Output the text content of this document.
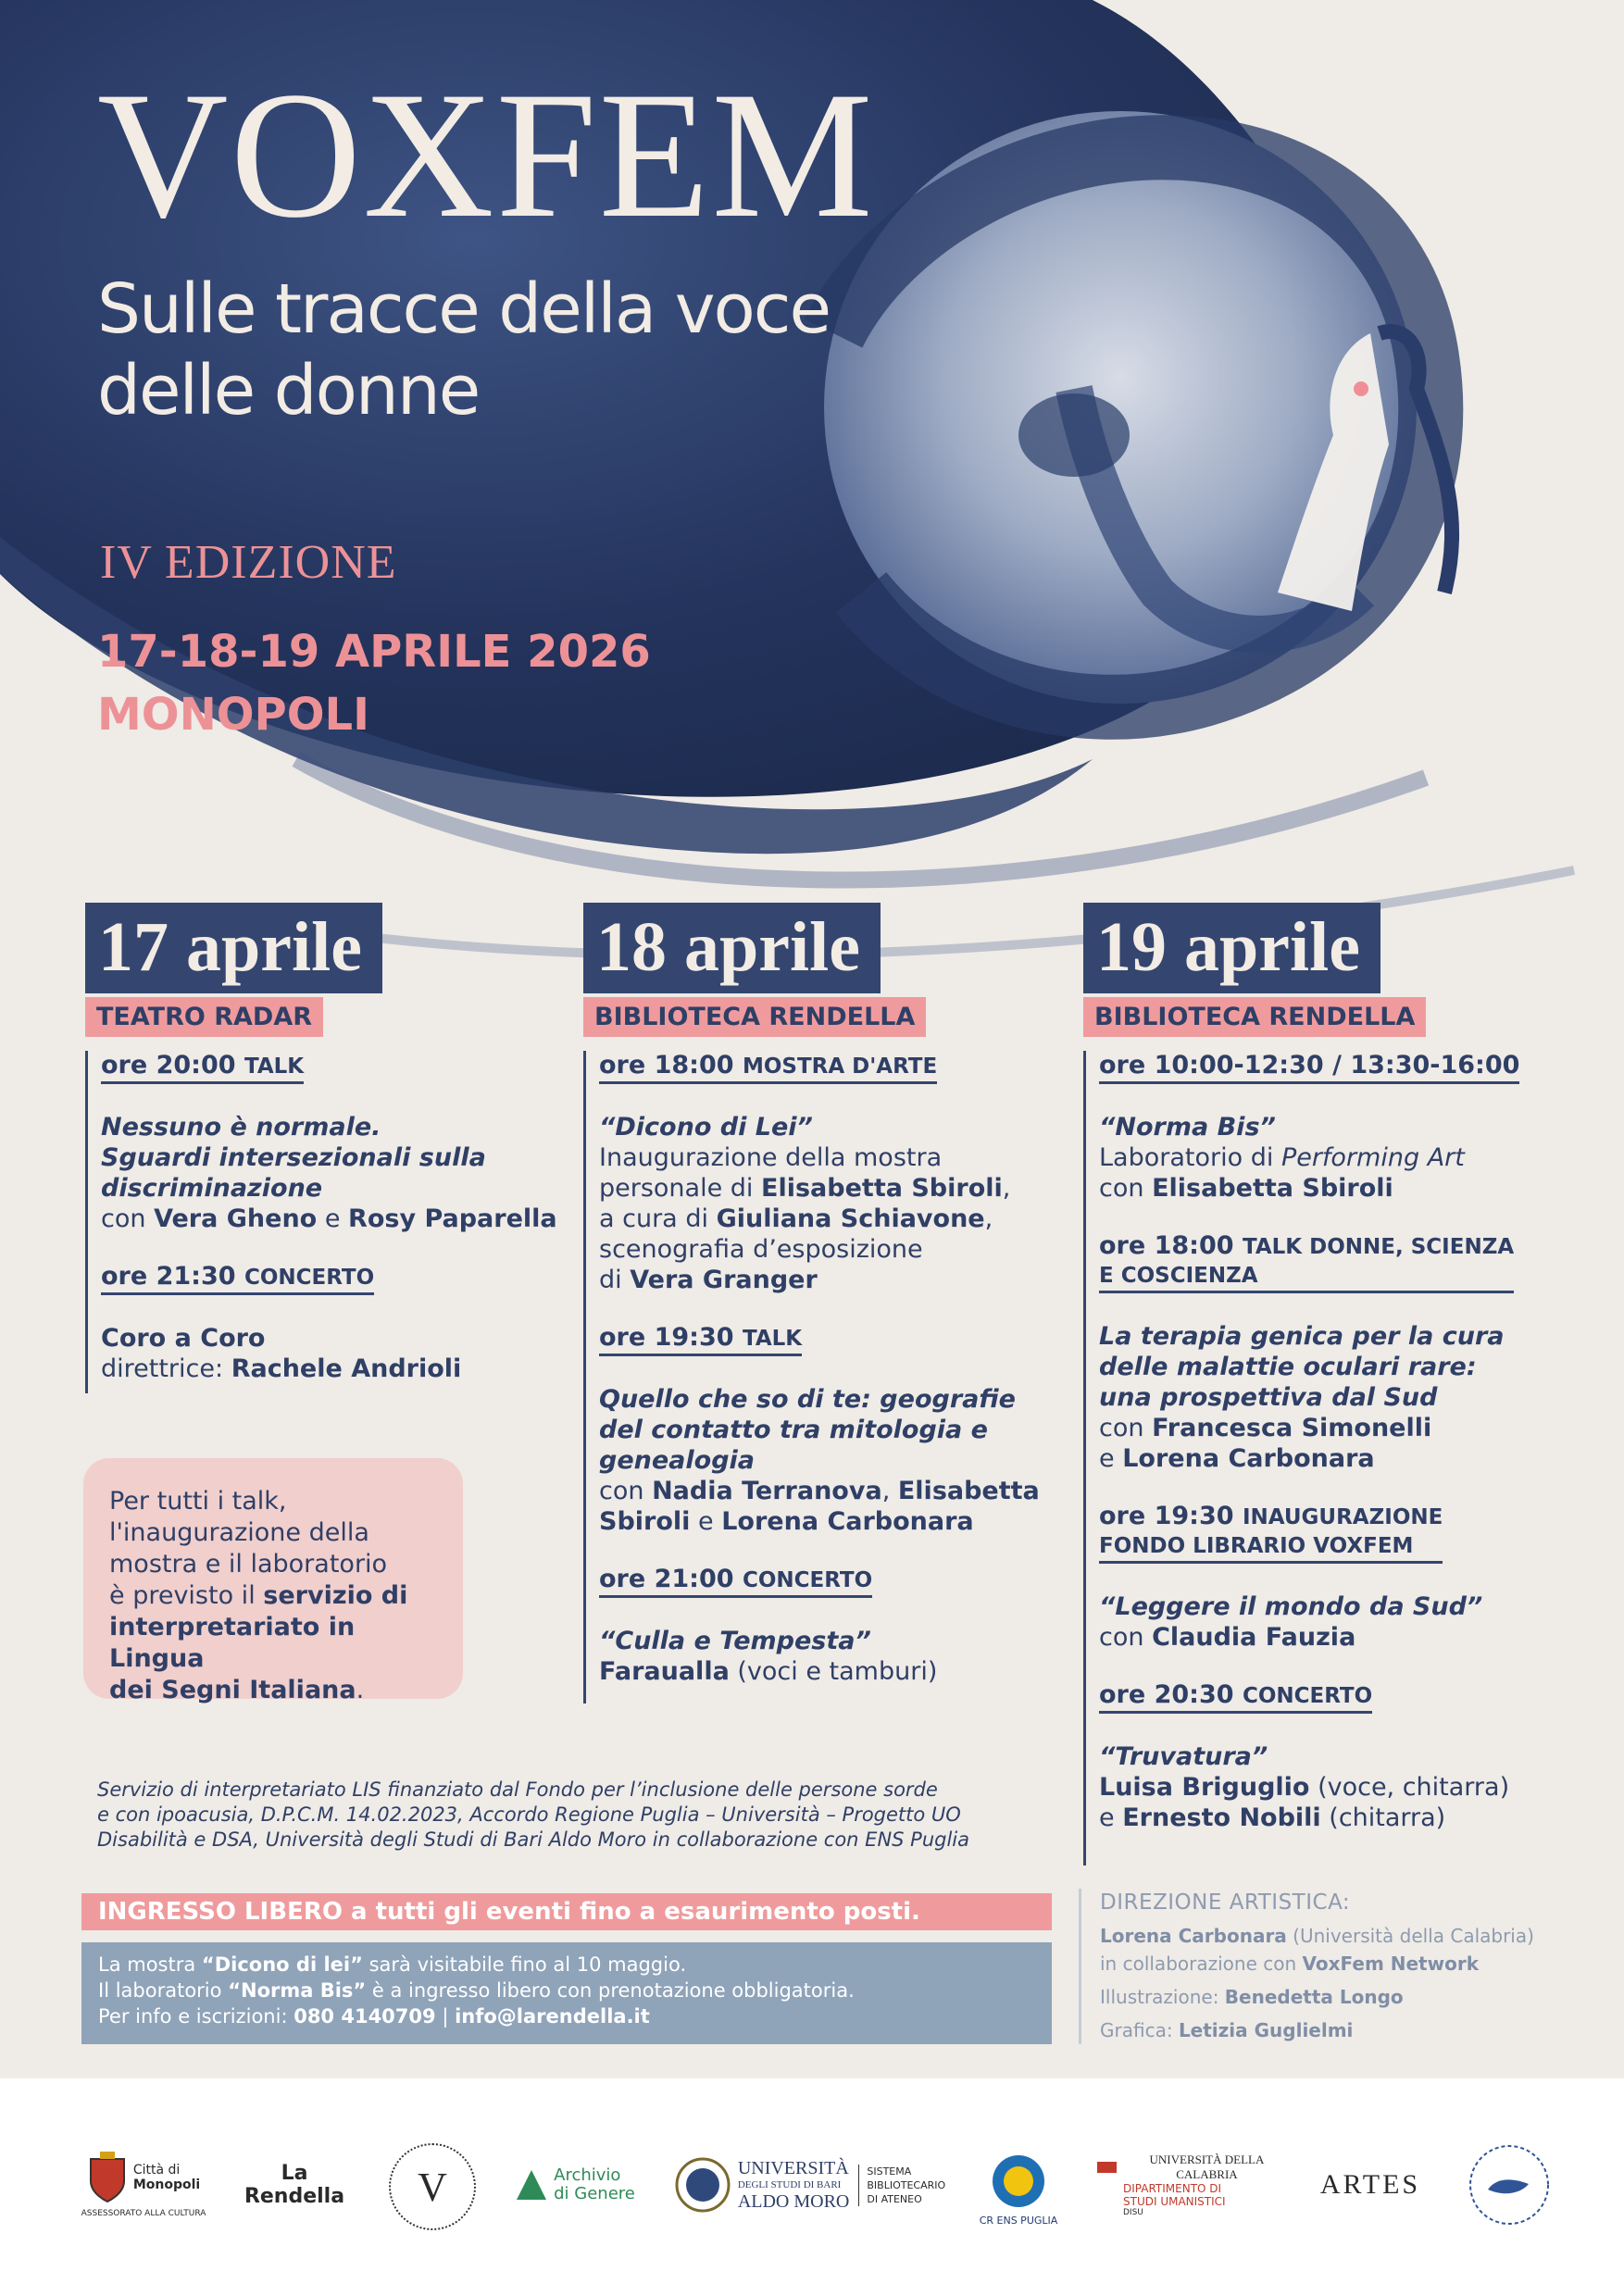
VOXFEM
Sulle tracce della voce
delle donne
IV EDIZIONE
17-18-19 APRILE 2026
MONOPOLI
17 aprile
TEATRO RADAR
ore 20:00 TALK
Nessuno è normale.
Sguardi intersezionali sulla
discriminazione
con Vera Gheno e Rosy Paparella
ore 21:30 CONCERTO
Coro a Coro
direttrice: Rachele Andrioli
Per tutti i talk,
l'inaugurazione della
mostra e il laboratorio
è previsto il servizio di
interpretariato in Lingua
dei Segni Italiana.
18 aprile
BIBLIOTECA RENDELLA
ore 18:00 MOSTRA D'ARTE
“Dicono di Lei”
Inaugurazione della mostra
personale di Elisabetta Sbiroli,
a cura di Giuliana Schiavone,
scenografia d’esposizione
di Vera Granger
ore 19:30 TALK
Quello che so di te: geografie
del contatto tra mitologia e
genealogia
con Nadia Terranova, Elisabetta
Sbiroli e Lorena Carbonara
ore 21:00 CONCERTO
“Culla e Tempesta”
Faraualla (voci e tamburi)
19 aprile
BIBLIOTECA RENDELLA
ore 10:00-12:30 / 13:30-16:00
“Norma Bis”
Laboratorio di Performing Art
con Elisabetta Sbiroli
ore 18:00 TALK DONNE, SCIENZA
E COSCIENZA
La terapia genica per la cura
delle malattie oculari rare:
una prospettiva dal Sud
con Francesca Simonelli
e Lorena Carbonara
ore 19:30 INAUGURAZIONE
FONDO LIBRARIO VOXFEM
“Leggere il mondo da Sud”
con Claudia Fauzia
ore 20:30 CONCERTO
“Truvatura”
Luisa Briguglio (voce, chitarra)
e Ernesto Nobili (chitarra)
Servizio di interpretariato LIS finanziato dal Fondo per l’inclusione delle persone sorde
e con ipoacusia, D.P.C.M. 14.02.2023, Accordo Regione Puglia – Università – Progetto UO
Disabilità e DSA, Università degli Studi di Bari Aldo Moro in collaborazione con ENS Puglia
INGRESSO LIBERO a tutti gli eventi fino a esaurimento posti.
La mostra “Dicono di lei” sarà visitabile fino al 10 maggio.
Il laboratorio “Norma Bis” è a ingresso libero con prenotazione obbligatoria.
Per info e iscrizioni: 080 4140709 | info@larendella.it
DIREZIONE ARTISTICA:
Lorena Carbonara (Università della Calabria)
in collaborazione con VoxFem Network
Illustrazione: Benedetta Longo
Grafica: Letizia Guglielmi
Città di
Monopoli
ASSESSORATO ALLA CULTURA
La Rendella	V	Archivio
di Genere
UNIVERSITÀ
DEGLI STUDI DI BARI
ALDO MORO
SISTEMA
BIBLIOTECARIO
DI ATENEO
CR ENS PUGLIA
UNIVERSITÀ DELLA CALABRIA
DIPARTIMENTO DI
STUDI UMANISTICI
DISU
ARTES
